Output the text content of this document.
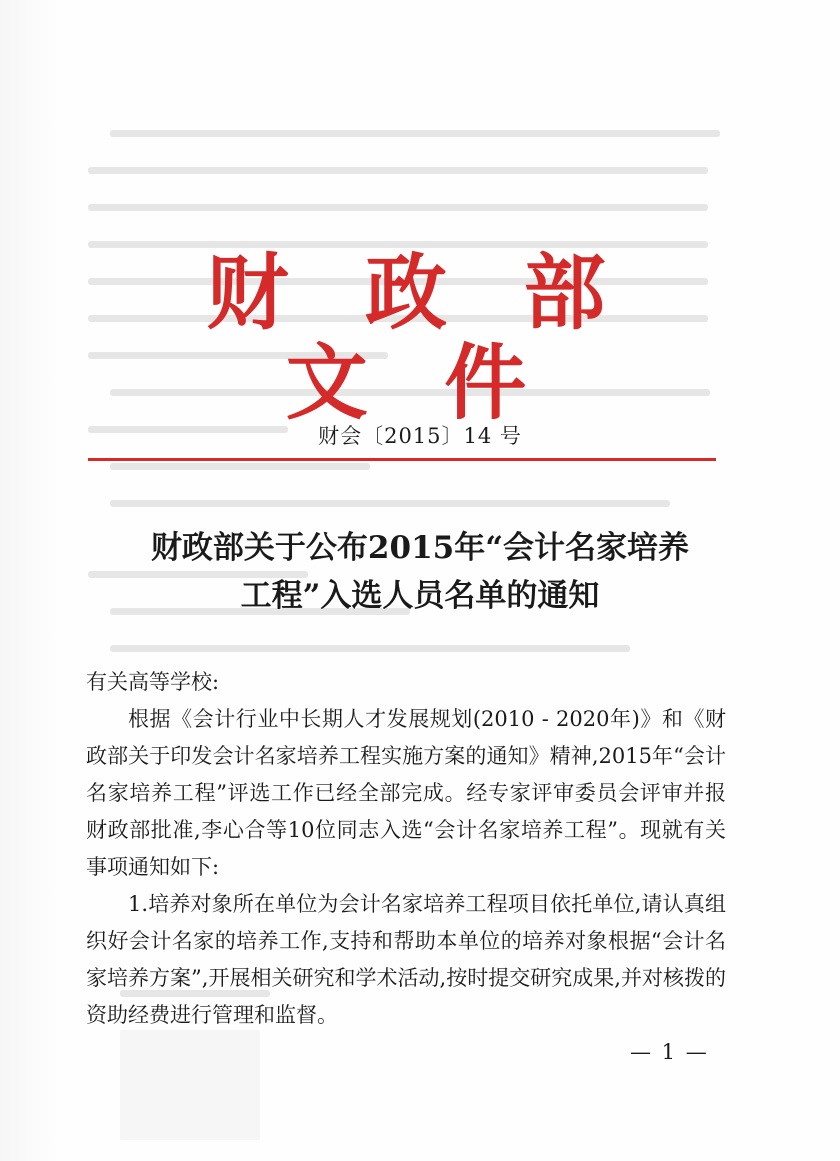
财 政 部 文 件
财会〔2015〕14 号
财政部关于公布2015年“会计名家培养
工程”入选人员名单的通知

有关高等学校:

根据《会计行业中长期人才发展规划(2010 - 2020年)》和《财政部关于印发会计名家培养工程实施方案的通知》精神,2015年“会计名家培养工程”评选工作已经全部完成。经专家评审委员会评审并报财政部批准,李心合等10位同志入选“会计名家培养工程”。现就有关事项通知如下:

1.培养对象所在单位为会计名家培养工程项目依托单位,请认真组织好会计名家的培养工作,支持和帮助本单位的培养对象根据“会计名家培养方案”,开展相关研究和学术活动,按时提交研究成果,并对核拨的资助经费进行管理和监督。

— 1 —
